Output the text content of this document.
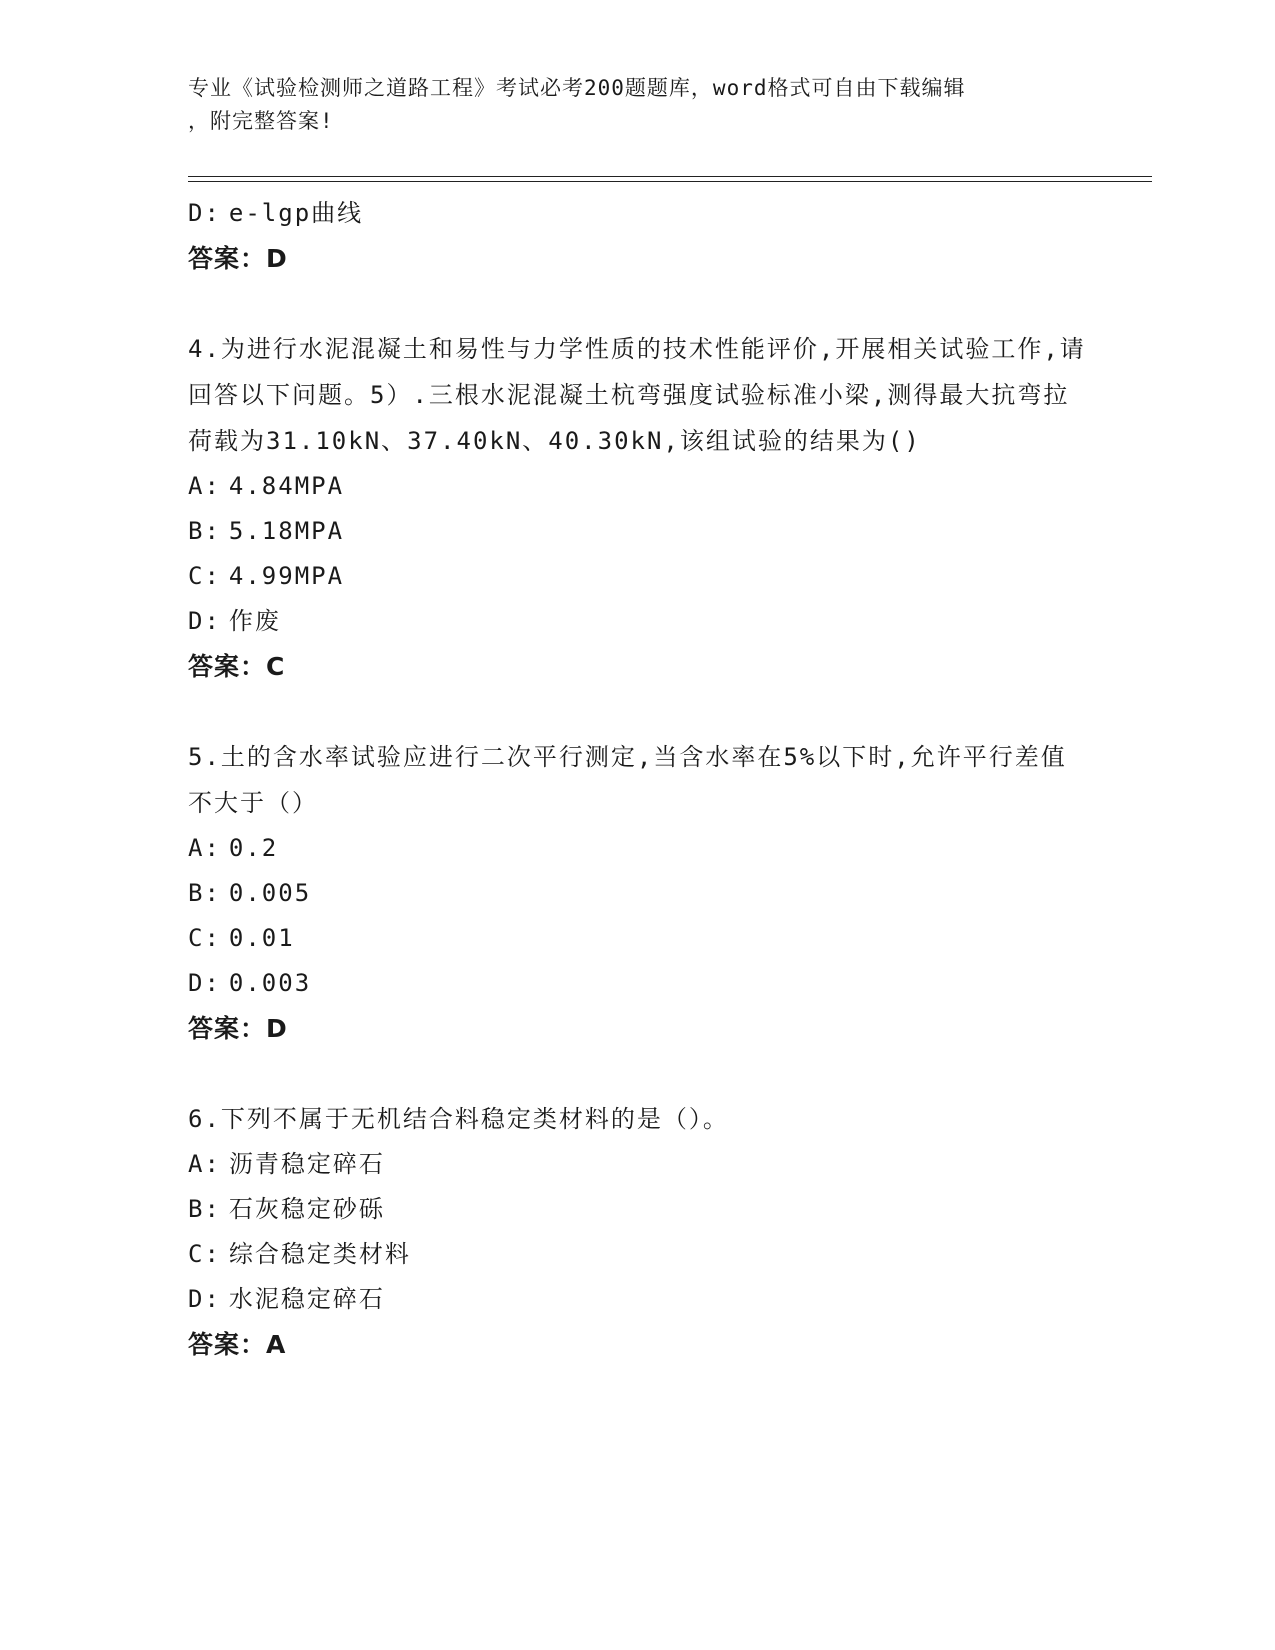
专业《试验检测师之道路工程》考试必考200题题库，word格式可自由下载编辑
，附完整答案!
D: e-lgp曲线
答案：D
4.为进行水泥混凝土和易性与力学性质的技术性能评价,开展相关试验工作,请回答以下问题。5）.三根水泥混凝土杭弯强度试验标准小梁,测得最大抗弯拉荷载为31.10kN、37.40kN、40.30kN,该组试验的结果为()
A: 4.84MPA
B: 5.18MPA
C: 4.99MPA
D: 作废
答案：C
5.土的含水率试验应进行二次平行测定,当含水率在5%以下时,允许平行差值不大于（）
A: 0.2
B: 0.005
C: 0.01
D: 0.003
答案：D
6.下列不属于无机结合料稳定类材料的是（）。
A: 沥青稳定碎石
B: 石灰稳定砂砾
C: 综合稳定类材料
D: 水泥稳定碎石
答案：A
